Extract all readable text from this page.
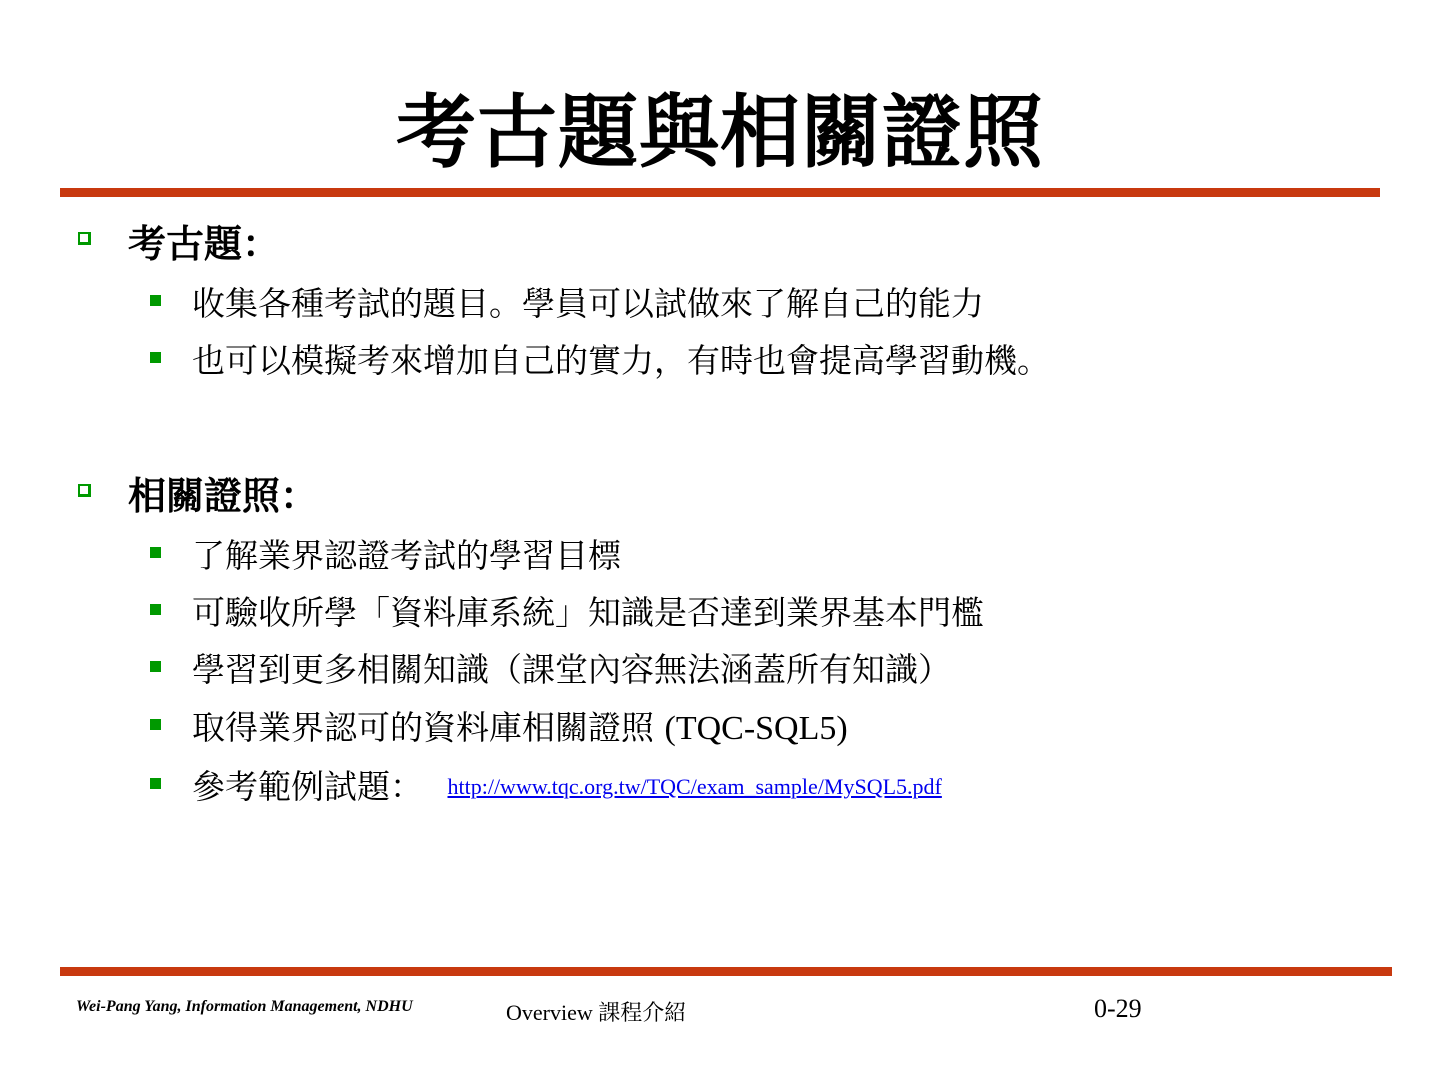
考古題與相關證照
考古題：
收集各種考試的題目。學員可以試做來了解自己的能力
也可以模擬考來增加自己的實力，有時也會提高學習動機。
相關證照：
了解業界認證考試的學習目標
可驗收所學「資料庫系統」知識是否達到業界基本門檻
學習到更多相關知識（課堂內容無法涵蓋所有知識）
取得業界認可的資料庫相關證照 (TQC-SQL5)
參考範例試題： http://www.tqc.org.tw/TQC/exam_sample/MySQL5.pdf
Wei-Pang Yang, Information Management, NDHU	Overview 課程介紹	0-29
